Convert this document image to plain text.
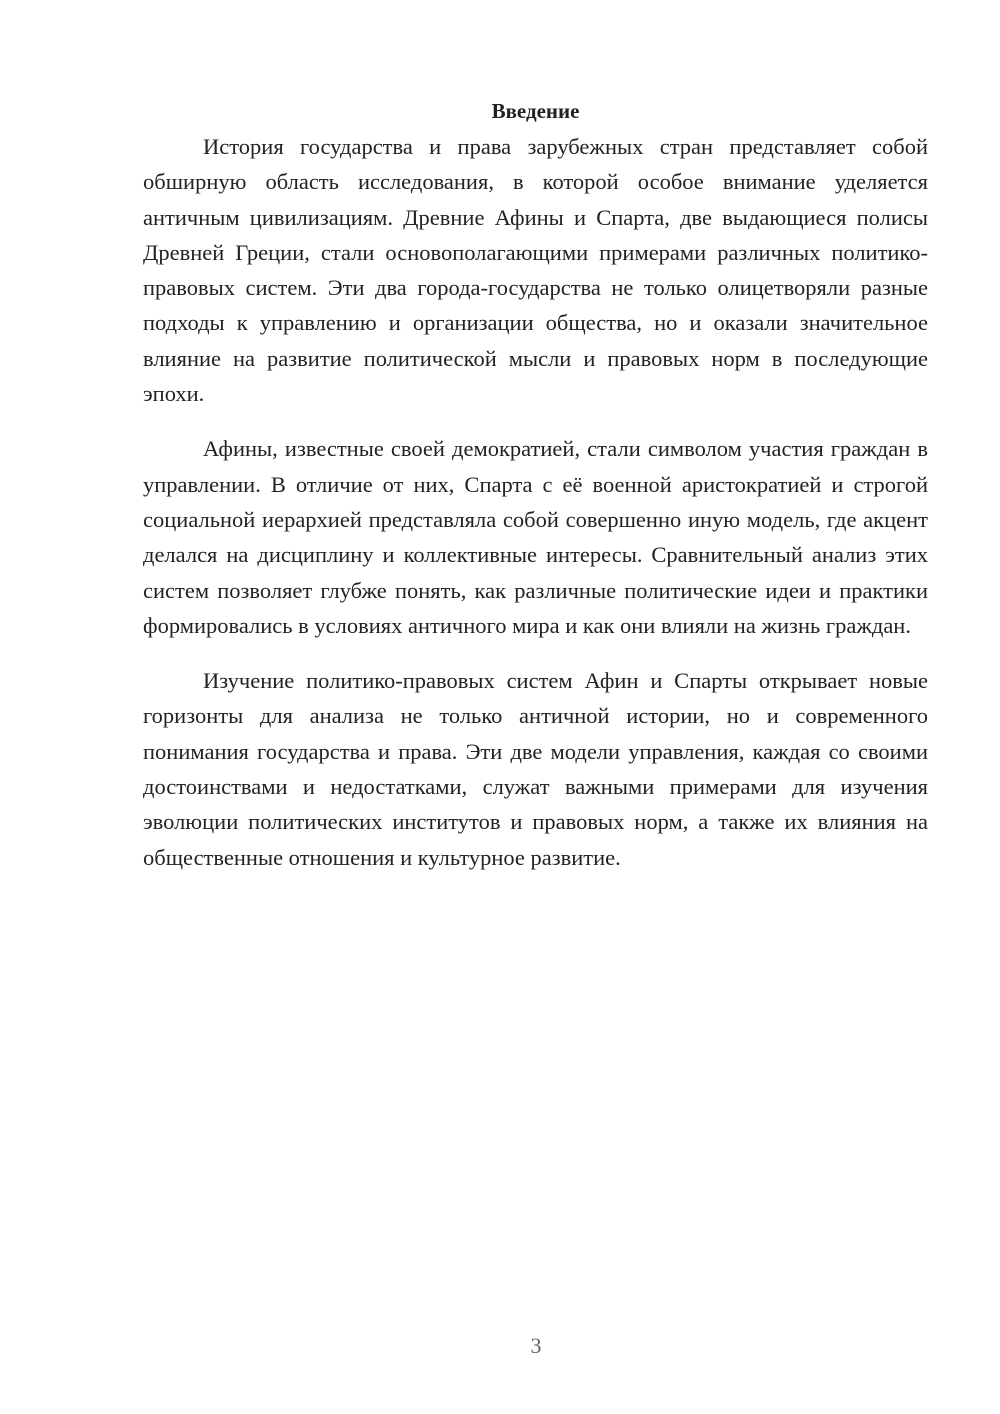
Введение

История государства и права зарубежных стран представляет собой обширную область исследования, в которой особое внимание уделяется античным цивилизациям. Древние Афины и Спарта, две выдающиеся полисы Древней Греции, стали основополагающими примерами различных политико-правовых систем. Эти два города-государства не только олицетворяли разные подходы к управлению и организации общества, но и оказали значительное влияние на развитие политической мысли и правовых норм в последующие эпохи.

Афины, известные своей демократией, стали символом участия граждан в управлении. В отличие от них, Спарта с её военной аристократией и строгой социальной иерархией представляла собой совершенно иную модель, где акцент делался на дисциплину и коллективные интересы. Сравнительный анализ этих систем позволяет глубже понять, как различные политические идеи и практики формировались в условиях античного мира и как они влияли на жизнь граждан.

Изучение политико-правовых систем Афин и Спарты открывает новые горизонты для анализа не только античной истории, но и современного понимания государства и права. Эти две модели управления, каждая со своими достоинствами и недостатками, служат важными примерами для изучения эволюции политических институтов и правовых норм, а также их влияния на общественные отношения и культурное развитие.

3
